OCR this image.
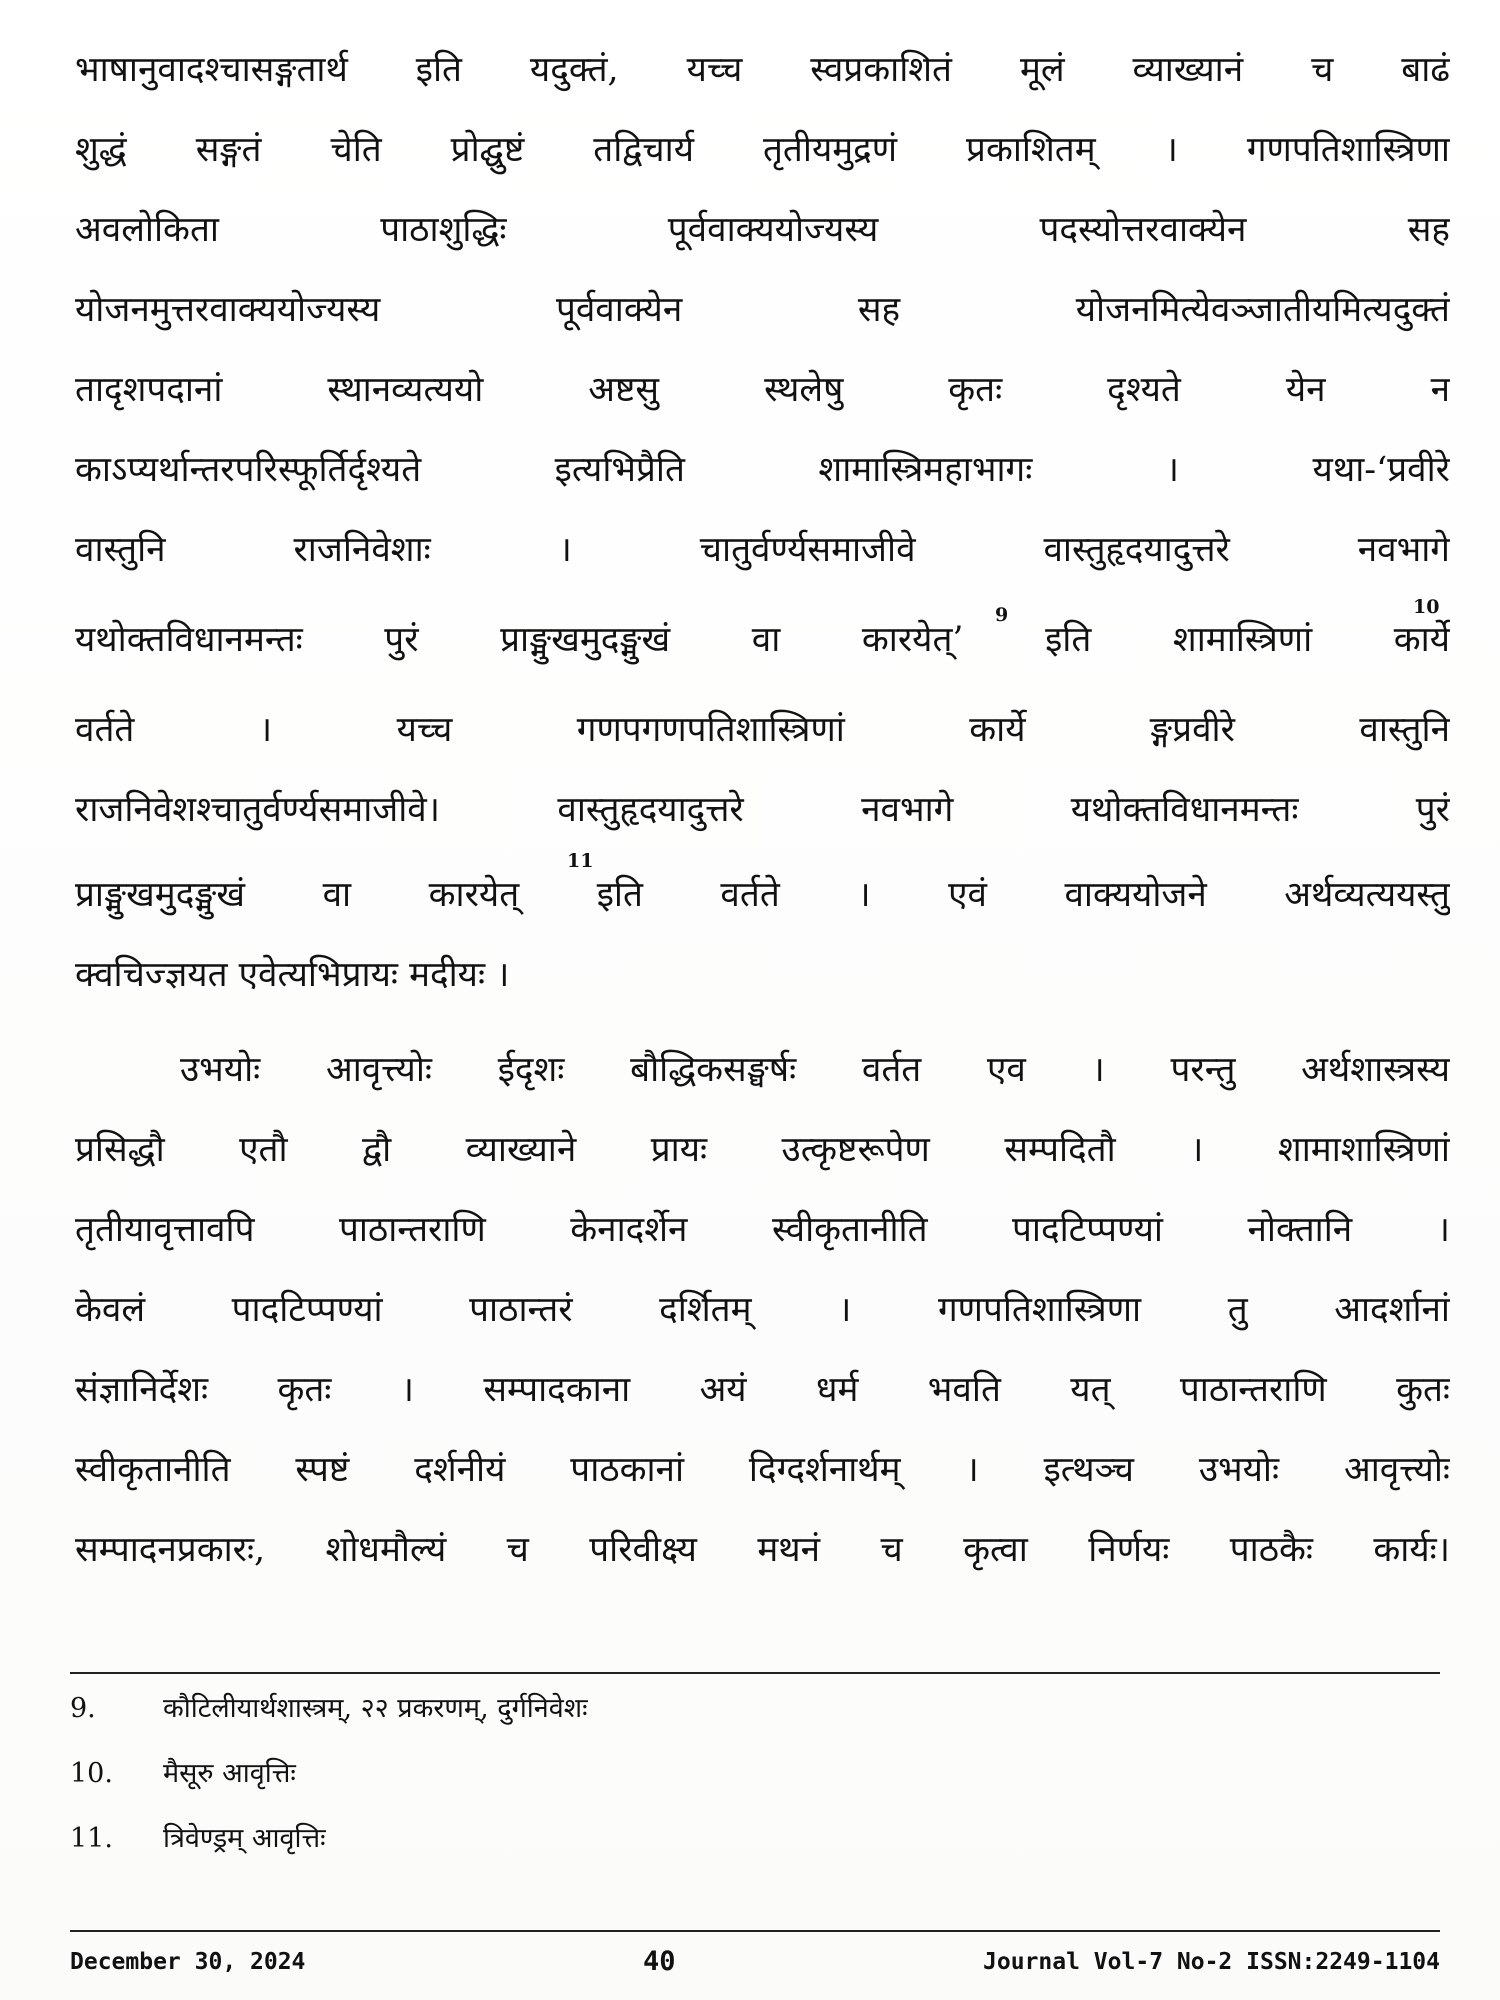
भाषानुवादश्चासङ्गतार्थ इति यदुक्तं, यच्च स्वप्रकाशितं मूलं व्याख्यानं च बाढं
शुद्धं सङ्गतं चेति प्रोद्घुष्टं तद्विचार्य तृतीयमुद्रणं प्रकाशितम् । गणपतिशास्त्रिणा
अवलोकिता पाठाशुद्धिः पूर्ववाक्ययोज्यस्य पदस्योत्तरवाक्येन सह
योजनमुत्तरवाक्ययोज्यस्य पूर्ववाक्येन सह योजनमित्येवञ्जातीयमित्यदुक्तं
तादृशपदानां स्थानव्यत्ययो अष्टसु स्थलेषु कृतः दृश्यते येन न
काऽप्यर्थान्तरपरिस्फूर्तिर्दृश्यते इत्यभिप्रैति शामास्त्रिमहाभागः । यथा-‘प्रवीरे
वास्तुनि राजनिवेशाः । चातुर्वर्ण्यसमाजीवे वास्तुहृदयादुत्तरे नवभागे
यथोक्तविधानमन्तः पुरं प्राङ्मुखमुदङ्मुखं वा कारयेत्’ इति शामास्त्रिणां कार्ये
वर्तते । यच्च गणपगणपतिशास्त्रिणां कार्ये ङ्गप्रवीरे वास्तुनि
राजनिवेशश्चातुर्वर्ण्यसमाजीवे। वास्तुहृदयादुत्तरे नवभागे यथोक्तविधानमन्तः पुरं
प्राङ्मुखमुदङ्मुखं वा कारयेत् इति वर्तते । एवं वाक्ययोजने अर्थव्यत्ययस्तु
क्वचिज्ज्ञयत एवेत्यभिप्रायः मदीयः ।
उभयोः आवृत्त्योः ईदृशः बौद्धिकसङ्घर्षः वर्तत एव । परन्तु अर्थशास्त्रस्य
प्रसिद्धौ एतौ द्वौ व्याख्याने प्रायः उत्कृष्टरूपेण सम्पदितौ । शामाशास्त्रिणां
तृतीयावृत्तावपि पाठान्तराणि केनादर्शेन स्वीकृतानीति पादटिप्पण्यां नोक्तानि ।
केवलं पादटिप्पण्यां पाठान्तरं दर्शितम् । गणपतिशास्त्रिणा तु आदर्शानां
संज्ञानिर्देशः कृतः । सम्पादकाना अयं धर्म भवति यत् पाठान्तराणि कुतः
स्वीकृतानीति स्पष्टं दर्शनीयं पाठकानां दिग्दर्शनार्थम् । इत्थञ्च उभयोः आवृत्त्योः
सम्पादनप्रकारः, शोधमौल्यं च परिवीक्ष्य मथनं च कृत्वा निर्णयः पाठकैः कार्यः।
9	10
11
9.	कौटिलीयार्थशास्त्रम्, २२ प्रकरणम्, दुर्गनिवेशः
10.	मैसूरु आवृत्तिः
11.	त्रिवेण्ड्रम् आवृत्तिः
December 30, 2024	40	Journal Vol-7 No-2 ISSN:2249-1104
